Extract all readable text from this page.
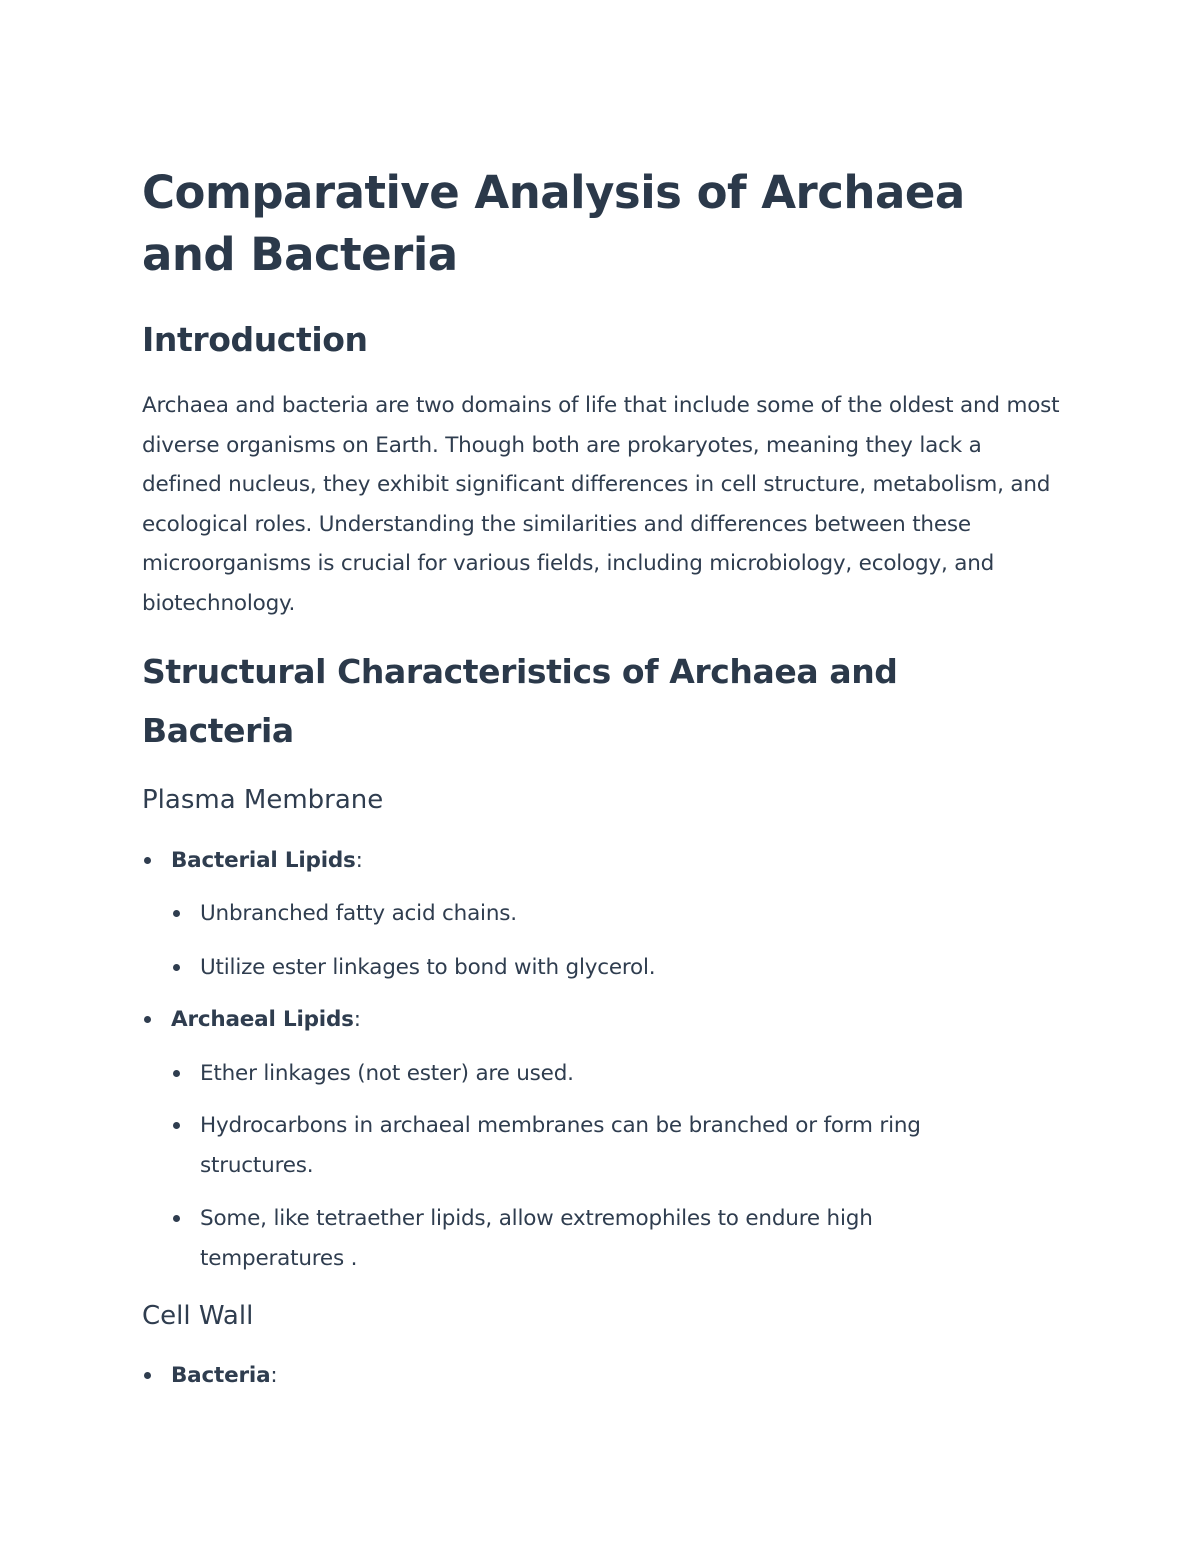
Comparative Analysis of Archaea and Bacteria
Introduction

Archaea and bacteria are two domains of life that include some of the oldest and most diverse organisms on Earth. Though both are prokaryotes, meaning they lack a defined nucleus, they exhibit significant differences in cell structure, metabolism, and ecological roles. Understanding the similarities and differences between these microorganisms is crucial for various fields, including microbiology, ecology, and biotechnology.

Structural Characteristics of Archaea and Bacteria
Plasma Membrane

Bacterial Lipids:

Unbranched fatty acid chains.

Utilize ester linkages to bond with glycerol.

Archaeal Lipids:

Ether linkages (not ester) are used.

Hydrocarbons in archaeal membranes can be branched or form ring structures.

Some, like tetraether lipids, allow extremophiles to endure high temperatures .

Cell Wall

Bacteria:
